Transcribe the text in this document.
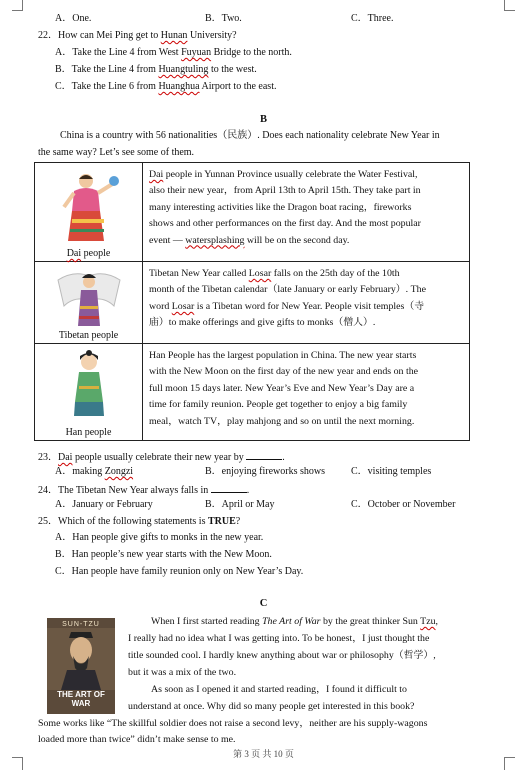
A．One.	B．Two.	C．Three.
22．How can Mei Ping get to Hunan University?
A．Take the Line 4 from West Fuyuan Bridge to the north.
B．Take the Line 4 from Huangtuling to the west.
C．Take the Line 6 from Huanghua Airport to the east.
B
China is a country with 56 nationalities（民族）. Does each nationality celebrate New Year in
the same way? Let’s see some of them.
Dai people	Dai people in Yunnan Province usually celebrate the Water Festival,
also their new year，from April 13th to April 15th. They take part in
many interesting activities like the Dragon boat racing，fireworks
shows and other performances on the first day. And the most popular
event — watersplashing will be on the second day.

Tibetan people	Tibetan New Year called Losar falls on the 25th day of the 10th
month of the Tibetan calendar（late January or early February）. The
word Losar is a Tibetan word for New Year. People visit temples（寺
庙）to make offerings and give gifts to monks（僧人）.

Han people	Han People has the largest population in China. The new year starts
with the New Moon on the first day of the new year and ends on the
full moon 15 days later. New Year’s Eve and New Year’s Day are a
time for family reunion. People get together to enjoy a big family
meal，watch TV，play mahjong and so on until the next morning.
23．Dai people usually celebrate their new year by	.
A．making Zongzi	B．enjoying fireworks shows	C．visiting temples
24．The Tibetan New Year always falls in	.
A．January or February	B．April or May	C．October or November
25．Which of the following statements is TRUE?
A．Han people give gifts to monks in the new year.
B．Han people’s new year starts with the New Moon.
C．Han people have family reunion only on New Year’s Day.
C
SUN-TZU
THE ART OF WAR
When I first started reading The Art of War by the great thinker Sun Tzu,
I really had no idea what I was getting into. To be honest，I just thought the
title sounded cool. I hardly knew anything about war or philosophy（哲学）,
but it was a mix of the two.
As soon as I opened it and started reading，I found it difficult to
understand at once. Why did so many people get interested in this book?
Some works like “The skillful soldier does not raise a second levy，neither are his supply-wagons
loaded more than twice” didn’t make sense to me.
第 3 页 共 10 页
